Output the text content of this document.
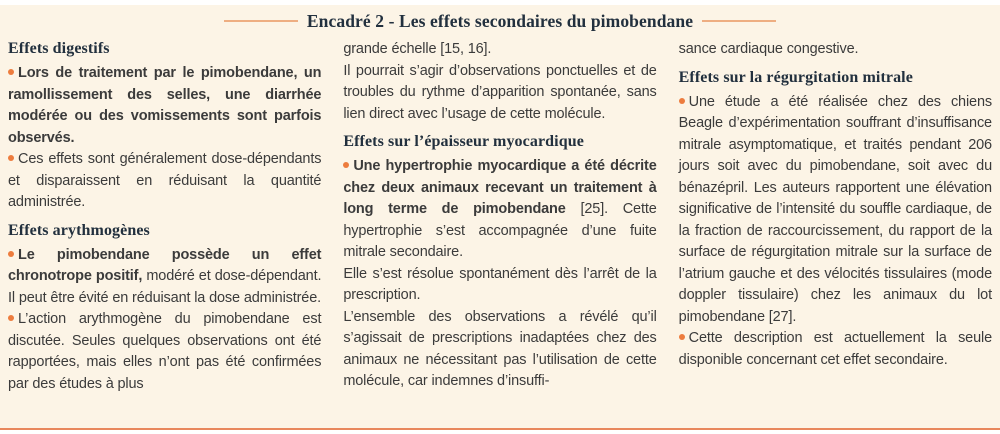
Encadré 2 - Les effets secondaires du pimobendane
Effets digestifs

Lors de traitement par le pimobendane, un ramollissement des selles, une diarrhée modérée ou des vomissements sont parfois observés.

Ces effets sont généralement dose-dépendants et disparaissent en réduisant la quantité administrée.

Effets arythmogènes

Le pimobendane possède un effet chronotrope positif, modéré et dose-dépendant. Il peut être évité en réduisant la dose administrée.

L’action arythmogène du pimobendane est discutée. Seules quelques observations ont été rapportées, mais elles n’ont pas été confirmées par des études à plus

grande échelle [15, 16].

Il pourrait s’agir d’observations ponctuelles et de troubles du rythme d’apparition spontanée, sans lien direct avec l’usage de cette molécule.

Effets sur l’épaisseur myocardique

Une hypertrophie myocardique a été décrite chez deux animaux recevant un traitement à long terme de pimobendane [25]. Cette hypertrophie s’est accompagnée d’une fuite mitrale secondaire.

Elle s’est résolue spontanément dès l’arrêt de la prescription.

L’ensemble des observations a révélé qu’il s’agissait de prescriptions inadaptées chez des animaux ne nécessitant pas l’utilisation de cette molécule, car indemnes d’insuffi-

sance cardiaque congestive.

Effets sur la régurgitation mitrale

Une étude a été réalisée chez des chiens Beagle d’expérimentation souffrant d’insuffisance mitrale asymptomatique, et traités pendant 206 jours soit avec du pimobendane, soit avec du bénazépril. Les auteurs rapportent une élévation significative de l’intensité du souffle cardiaque, de la fraction de raccourcissement, du rapport de la surface de régurgitation mitrale sur la surface de l’atrium gauche et des vélocités tissulaires (mode doppler tissulaire) chez les animaux du lot pimobendane [27].

Cette description est actuellement la seule disponible concernant cet effet secondaire.
